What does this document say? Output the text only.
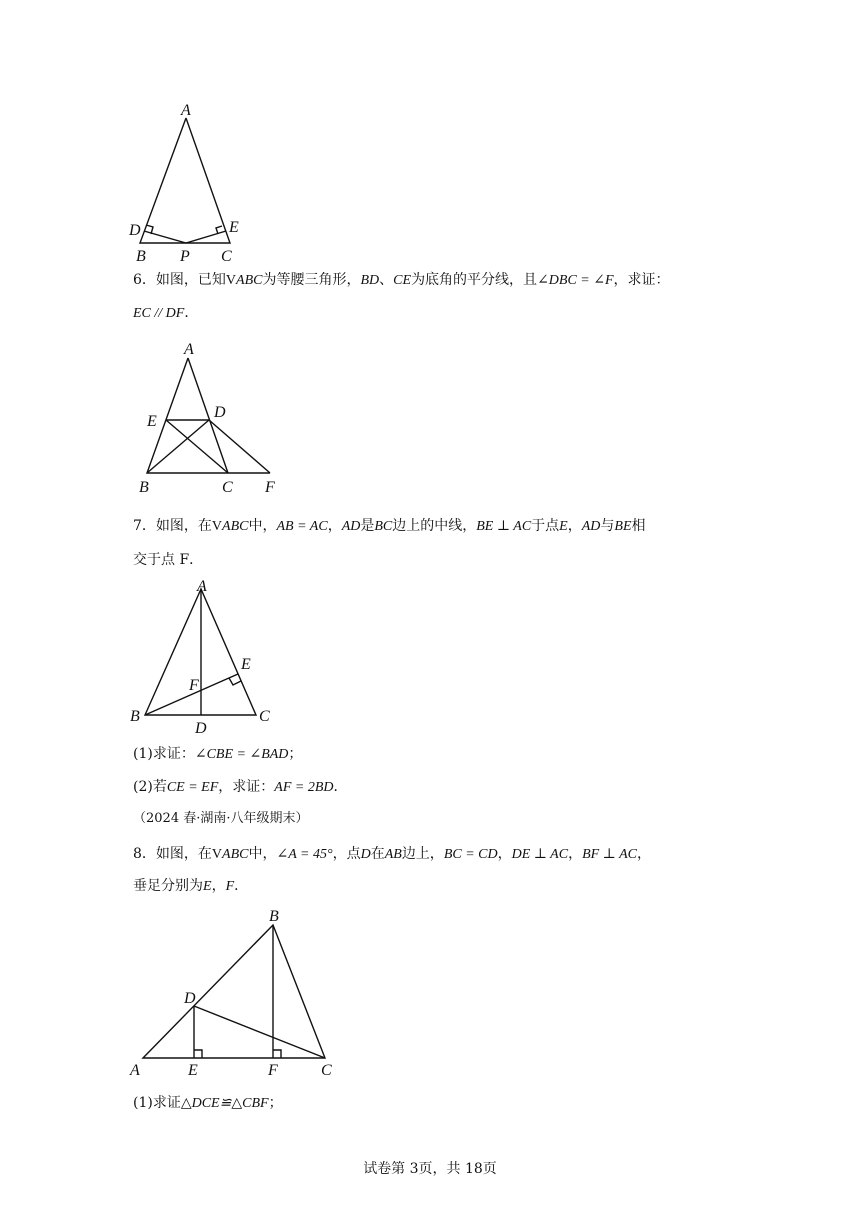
A
D	E
B P C
6．如图，已知VABC为等腰三角形，BD、CE为底角的平分线，且∠DBC = ∠F，求证：
EC // DF．
A
E
D
B	C F
7．如图，在VABC中，AB = AC，AD是BC边上的中线，BE ⊥ AC于点E，AD与BE相
交于点 F．
A
E
F
B
D
C
(1)求证：∠CBE = ∠BAD；
(2)若CE = EF，求证：AF = 2BD．
（2024 春·湖南·八年级期末）
8．如图，在VABC中，∠A = 45°，点D在AB边上，BC = CD，DE ⊥ AC，BF ⊥ AC，
垂足分别为E，F．
B
D
A	E	F	C
(1)求证△DCE≌△CBF；
试卷第 3页，共 18页
